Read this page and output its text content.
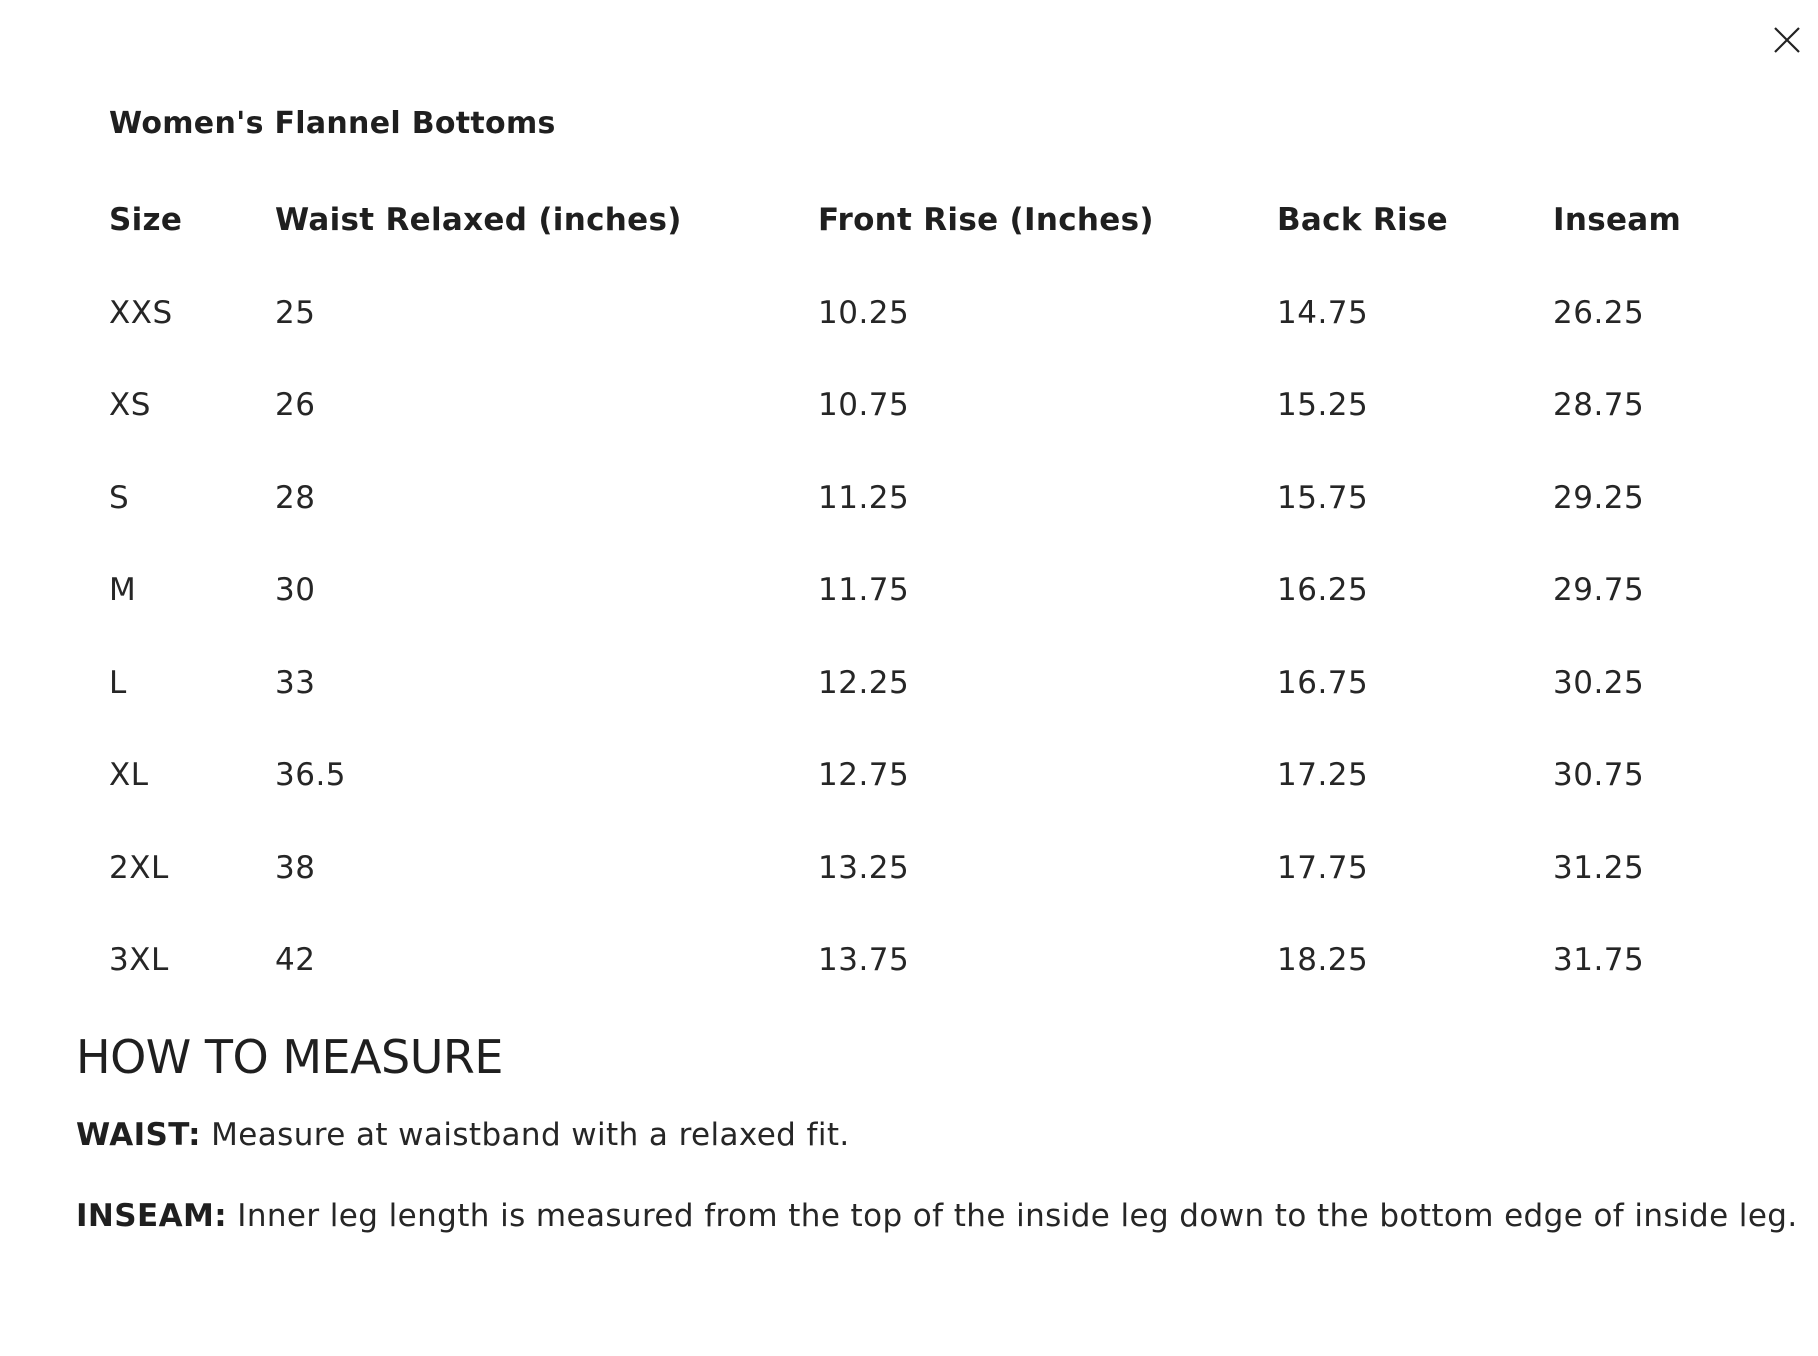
Women's Flannel Bottoms
Size	Waist Relaxed (inches)	Front Rise (Inches)	Back Rise	Inseam
XXS	25	10.25	14.75	26.25
XS	26	10.75	15.25	28.75
S	28	11.25	15.75	29.25
M	30	11.75	16.25	29.75
L	33	12.25	16.75	30.25
XL	36.5	12.75	17.25	30.75
2XL	38	13.25	17.75	31.25
3XL	42	13.75	18.25	31.75
HOW TO MEASURE

WAIST: Measure at waistband with a relaxed fit.

INSEAM: Inner leg length is measured from the top of the inside leg down to the bottom edge of inside leg.
